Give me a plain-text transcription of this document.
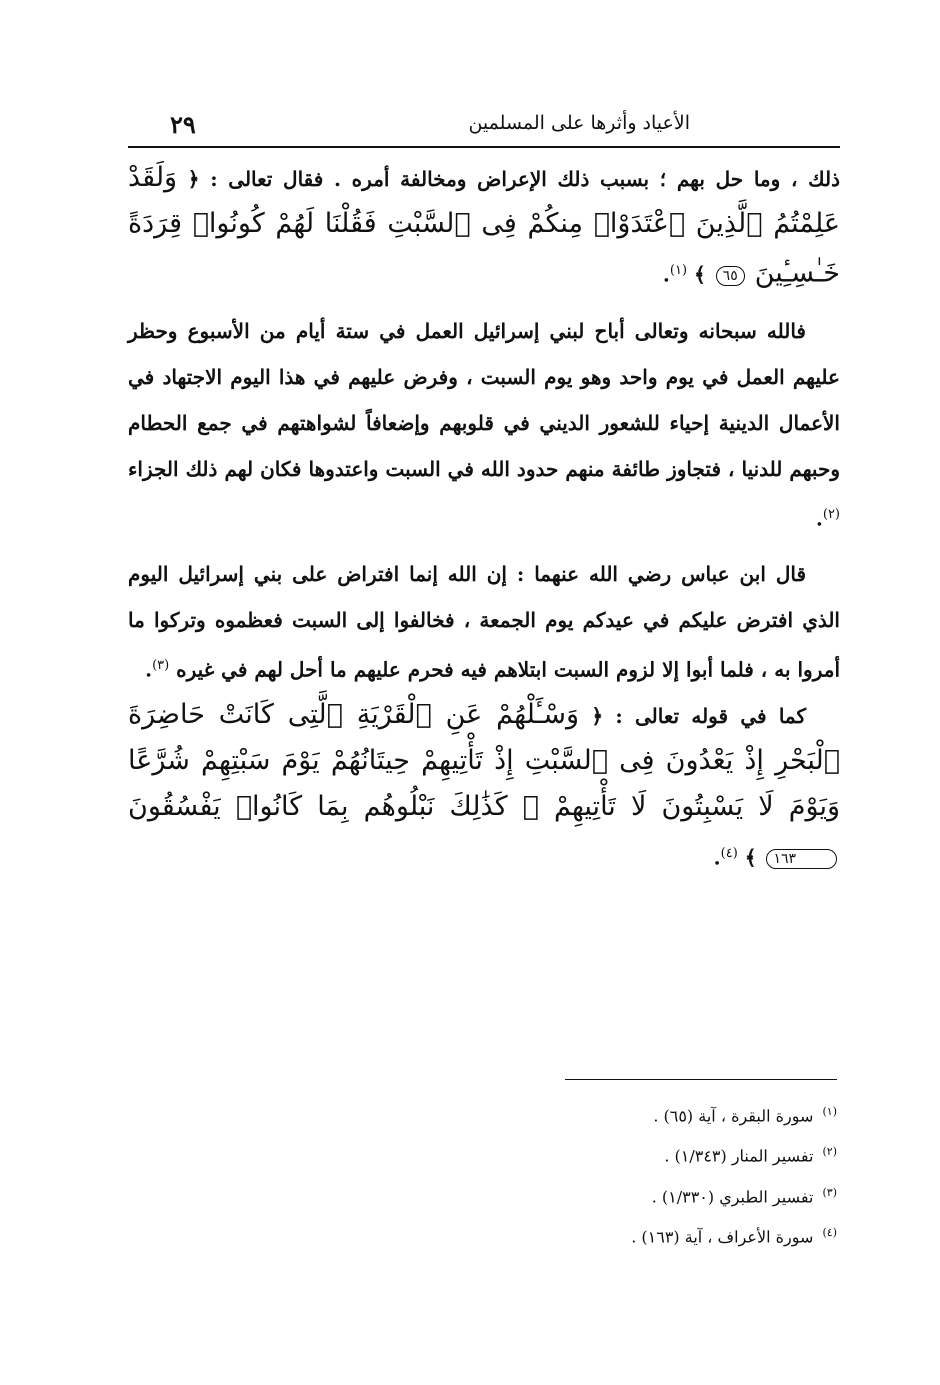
الأعياد وأثرها على المسلمين
٢٩

ذلك ، وما حل بهم ؛ بسبب ذلك الإعراض ومخالفة أمره . فقال تعالى : ﴿ وَلَقَدْ عَلِمْتُمُ ٱلَّذِينَ ٱعْتَدَوْا۟ مِنكُمْ فِى ٱلسَّبْتِ فَقُلْنَا لَهُمْ كُونُوا۟ قِرَدَةً خَـٰسِـِٔينَ ٦٥ ﴾ $^{(١)}$.

فالله سبحانه وتعالى أباح لبني إسرائيل العمل في ستة أيام من الأسبوع وحظر عليهم العمل في يوم واحد وهو يوم السبت ، وفرض عليهم في هذا اليوم الاجتهاد في الأعمال الدينية إحياء للشعور الديني في قلوبهم وإضعافاً لشواهتهم في جمع الحطام وحبهم للدنيا ، فتجاوز طائفة منهم حدود الله في السبت واعتدوها فكان لهم ذلك الجزاء $^{(٢)}$.

قال ابن عباس رضي الله عنهما : إن الله إنما افتراض على بني إسرائيل اليوم الذي افترض عليكم في عيدكم يوم الجمعة ، فخالفوا إلى السبت فعظموه وتركوا ما أمروا به ، فلما أبوا إلا لزوم السبت ابتلاهم فيه فحرم عليهم ما أحل لهم في غيره $^{(٣)}$.

كما في قوله تعالى : ﴿ وَسْـَٔلْهُمْ عَنِ ٱلْقَرْيَةِ ٱلَّتِى كَانَتْ حَاضِرَةَ ٱلْبَحْرِ إِذْ يَعْدُونَ فِى ٱلسَّبْتِ إِذْ تَأْتِيهِمْ حِيتَانُهُمْ يَوْمَ سَبْتِهِمْ شُرَّعًا وَيَوْمَ لَا يَسْبِتُونَ لَا تَأْتِيهِمْ ۚ كَذَٰلِكَ نَبْلُوهُم بِمَا كَانُوا۟ يَفْسُقُونَ ١٦٣ ﴾ $^{(٤)}$.

$^{(١)}$ سورة البقرة ، آية (٦٥) .
$^{(٢)}$ تفسير المنار (١/٣٤٣) .
$^{(٣)}$ تفسير الطبري (١/٣٣٠) .
$^{(٤)}$ سورة الأعراف ، آية (١٦٣) .
